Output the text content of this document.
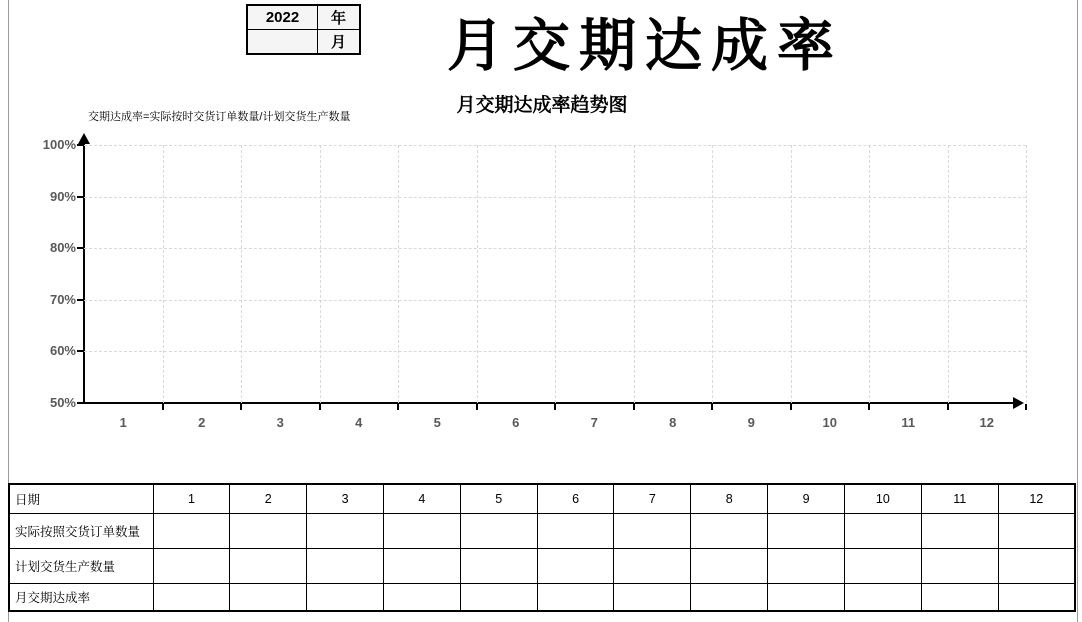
2022	年
	月	月交期达成率
月交期达成率趋势图
交期达成率=实际按时交货订单数量/计划交货生产数量
100%
90%
80%
70%
60%
50%
1	2	3	4	5	6	7	8	9	10	11	12
日期	1	2	3	4	5	6	7	8	9	10	11	12
实际按照交货订单数量												
计划交货生产数量												
月交期达成率												
